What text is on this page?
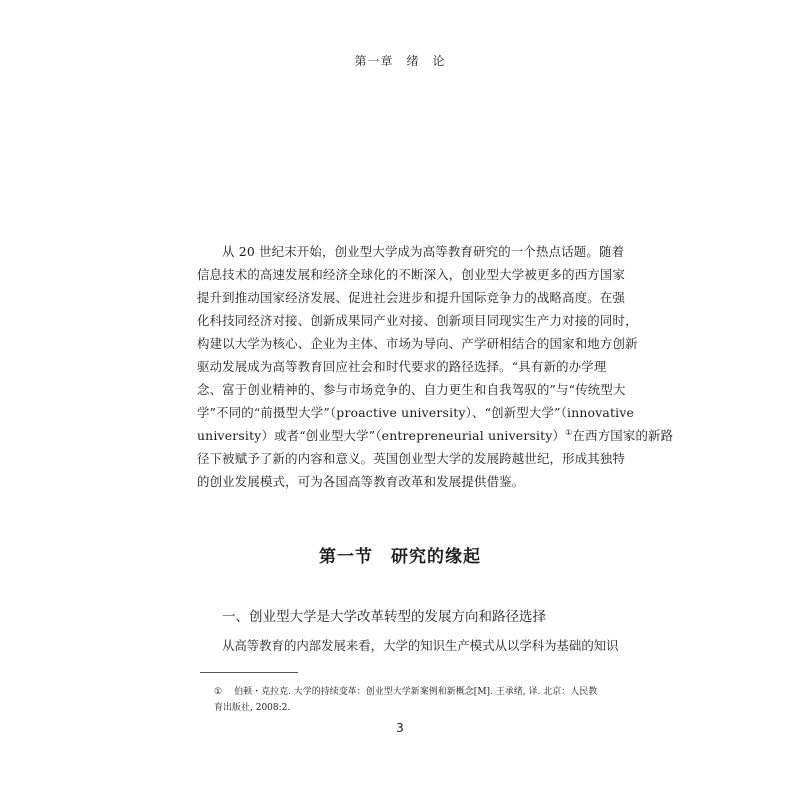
第一章　绪　论
从 20 世纪末开始，创业型大学成为高等教育研究的一个热点话题。随着
信息技术的高速发展和经济全球化的不断深入，创业型大学被更多的西方国家
提升到推动国家经济发展、促进社会进步和提升国际竞争力的战略高度。在强
化科技同经济对接、创新成果同产业对接、创新项目同现实生产力对接的同时，
构建以大学为核心、企业为主体、市场为导向、产学研相结合的国家和地方创新
驱动发展成为高等教育回应社会和时代要求的路径选择。“具有新的办学理
念、富于创业精神的、参与市场竞争的、自力更生和自我驾驭的”与“传统型大
学”不同的“前摄型大学”（proactive university）、“创新型大学”（innovative
university）或者“创业型大学”（entrepreneurial university）①在西方国家的新路
径下被赋予了新的内容和意义。英国创业型大学的发展跨越世纪，形成其独特
的创业发展模式，可为各国高等教育改革和发展提供借鉴。
第一节　研究的缘起
一、创业型大学是大学改革转型的发展方向和路径选择
从高等教育的内部发展来看，大学的知识生产模式从以学科为基础的知识
① 伯顿・克拉克. 大学的持续变革：创业型大学新案例和新概念[M]. 王承绪, 译. 北京：人民教
育出版社, 2008:2.
3
